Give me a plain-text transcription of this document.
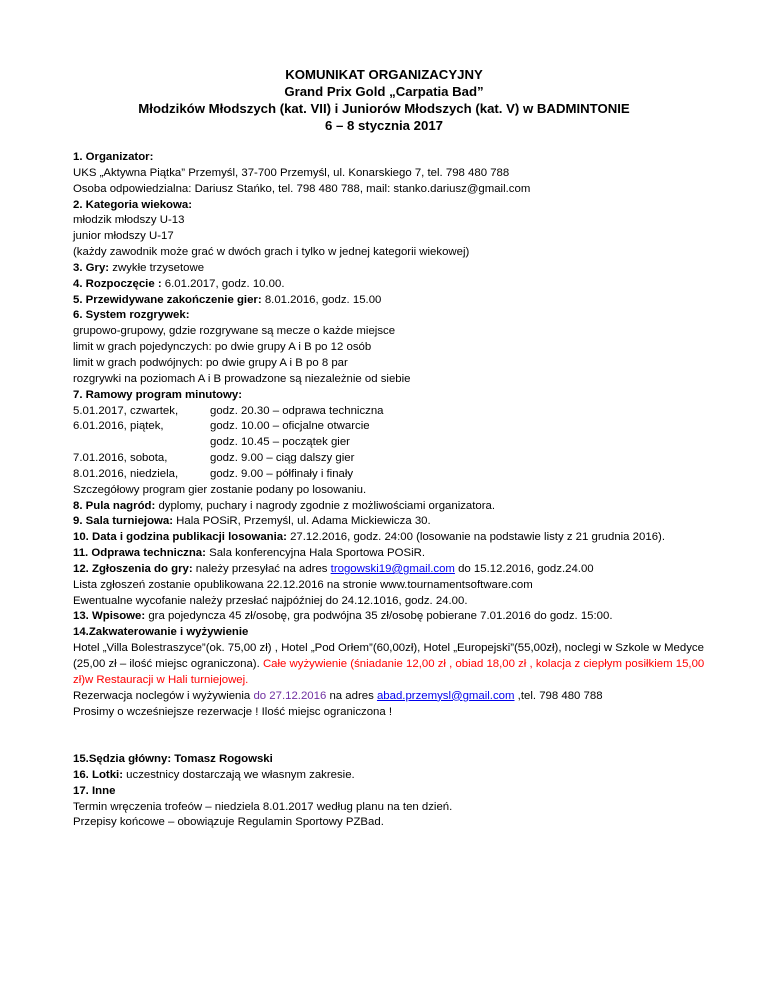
KOMUNIKAT ORGANIZACYJNY
Grand Prix Gold „Carpatia Bad”
Młodzików Młodszych (kat. VII) i Juniorów Młodszych (kat. V) w BADMINTONIE
6 – 8 stycznia 2017
1. Organizator:
UKS „Aktywna Piątka” Przemyśl, 37-700 Przemyśl, ul. Konarskiego 7, tel. 798 480 788
Osoba odpowiedzialna: Dariusz Stańko, tel. 798 480 788, mail: stanko.dariusz@gmail.com
2. Kategoria wiekowa:
młodzik młodszy U-13
junior młodszy U-17
(każdy zawodnik może grać w dwóch grach i tylko w jednej kategorii wiekowej)
3. Gry: zwykłe trzysetowe
4. Rozpoczęcie : 6.01.2017, godz. 10.00.
5. Przewidywane zakończenie gier: 8.01.2016, godz. 15.00
6. System rozgrywek:
grupowo-grupowy, gdzie rozgrywane są mecze o każde miejsce
limit w grach pojedynczych: po dwie grupy A i B po 12 osób
limit w grach podwójnych: po dwie grupy A i B po 8 par
rozgrywki na poziomach A i B prowadzone są niezależnie od siebie
7. Ramowy program minutowy:
5.01.2017, czwartek,	godz. 20.30 – odprawa techniczna
6.01.2016, piątek,	godz. 10.00 – oficjalne otwarcie
godz. 10.45 – początek gier
7.01.2016, sobota,	godz. 9.00 – ciąg dalszy gier
8.01.2016, niedziela,	godz. 9.00 – półfinały i finały
Szczegółowy program gier zostanie podany po losowaniu.
8. Pula nagród: dyplomy, puchary i nagrody zgodnie z możliwościami organizatora.
9. Sala turniejowa: Hala POSiR, Przemyśl, ul. Adama Mickiewicza 30.
10. Data i godzina publikacji losowania: 27.12.2016, godz. 24:00 (losowanie na podstawie listy z 21 grudnia 2016).
11. Odprawa techniczna: Sala konferencyjna Hala Sportowa POSiR.
12. Zgłoszenia do gry: należy przesyłać na adres trogowski19@gmail.com do 15.12.2016, godz.24.00
Lista zgłoszeń zostanie opublikowana 22.12.2016 na stronie www.tournamentsoftware.com
Ewentualne wycofanie należy przesłać najpóźniej do 24.12.1016, godz. 24.00.
13. Wpisowe: gra pojedyncza 45 zł/osobę, gra podwójna 35 zł/osobę pobierane 7.01.2016 do godz. 15:00.
14.Zakwaterowanie i wyżywienie
Hotel „Villa Bolestraszyce”(ok. 75,00 zł) , Hotel „Pod Orłem”(60,00zł), Hotel „Europejski”(55,00zł), noclegi w Szkole w Medyce (25,00 zł – ilość miejsc ograniczona). Całe wyżywienie (śniadanie 12,00 zł , obiad 18,00 zł , kolacja z ciepłym posiłkiem 15,00 zł)w Restauracji w Hali turniejowej.
Rezerwacja noclegów i wyżywienia do 27.12.2016 na adres abad.przemysl@gmail.com ,tel. 798 480 788
Prosimy o wcześniejsze rezerwacje ! Ilość miejsc ograniczona !
15.Sędzia główny: Tomasz Rogowski
16. Lotki: uczestnicy dostarczają we własnym zakresie.
17. Inne
Termin wręczenia trofeów – niedziela 8.01.2017 według planu na ten dzień.
Przepisy końcowe – obowiązuje Regulamin Sportowy PZBad.
